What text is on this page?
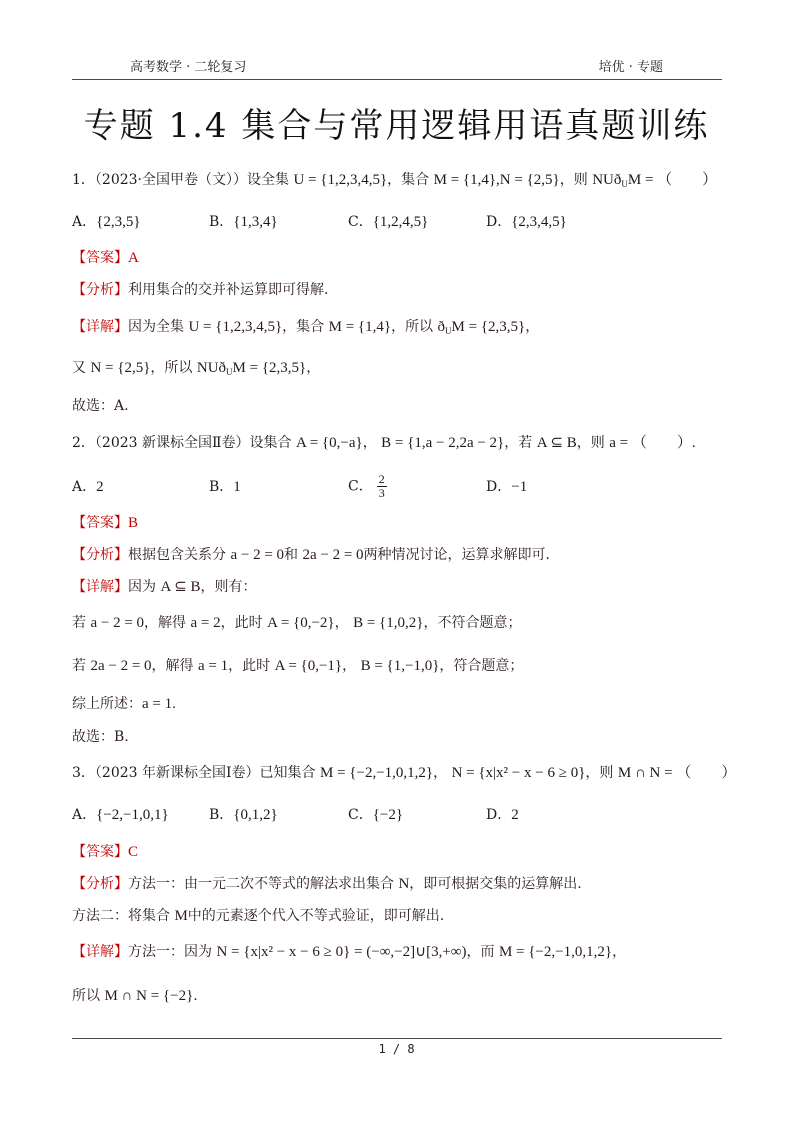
高考数学 · 二轮复习	培优 · 专题
专题 1.4 集合与常用逻辑用语真题训练
1．（2023·全国甲卷（文））设全集 U = {1,2,3,4,5}，集合 M = {1,4},N = {2,5}，则 NUð$_U$M = （　　）
A．{2,3,5}	B．{1,3,4}	C．{1,2,4,5}	D．{2,3,4,5}
【答案】A
【分析】利用集合的交并补运算即可得解.
【详解】因为全集 U = {1,2,3,4,5}，集合 M = {1,4}，所以 $ð_UM = \{2,3,5\}$，
又 N = {2,5}，所以 NUð$_U$M = {2,3,5}，
故选：A.
2．（2023 新课标全国Ⅱ卷）设集合 A = {0,−a}， B = {1,a − 2,2a − 2}，若 A ⊆ B，则 a = （　　）.
A．2	B．1	C． $\frac{2}{3}$	D．−1
【答案】B
【分析】根据包含关系分 a − 2 = 0和 2a − 2 = 0两种情况讨论，运算求解即可.
【详解】因为 A ⊆ B，则有：
若 a − 2 = 0，解得 a = 2，此时 A = {0,−2}， B = {1,0,2}，不符合题意；
若 2a − 2 = 0，解得 a = 1，此时 A = {0,−1}， B = {1,−1,0}，符合题意；
综上所述：a = 1.
故选：B.
3．（2023 年新课标全国Ⅰ卷）已知集合 M = {−2,−1,0,1,2}， N = {x|x² − x − 6 ≥ 0}，则 M ∩ N = （　　）
A．{−2,−1,0,1}	B．{0,1,2}	C．{−2}	D．2
【答案】C
【分析】方法一：由一元二次不等式的解法求出集合 N，即可根据交集的运算解出.
方法二：将集合 M中的元素逐个代入不等式验证，即可解出.
【详解】方法一：因为 N = {x|x² − x − 6 ≥ 0} = (−∞,−2]∪[3,+∞)，而 M = {−2,−1,0,1,2}，
所以 M ∩ N = {−2}.
1 / 8
